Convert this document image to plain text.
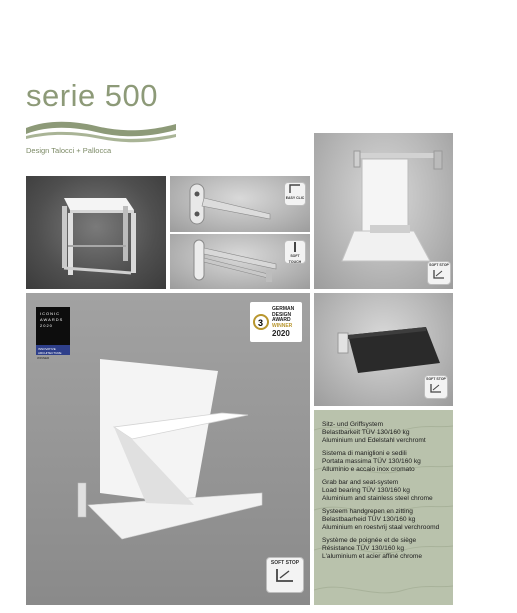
serie 500
Design Talocci + Pallocca
EASY CLIC
SOFT TOUCH
SOFT STOP
ICONIC
AWARDS
2020
INNOVATIVE ARCHITECTURE
WINNER
3
GERMAN
DESIGN
AWARD
WINNER
2020
SOFT STOP
SOFT STOP

Sitz- und Griffsystem

Belastbarkeit TÜV 130/160 kg

Aluminium und Edelstahl verchromt

Sistema di maniglioni e sedili

Portata massima TÜV 130/160 kg

Alluminio e accaio inox cromato

Grab bar and seat-system

Load bearing TÜV 130/160 kg

Aluminium and stainless steel chrome

Systeem handgrepen en zitting

Belastbaarheid TÜV 130/160 kg

Aluminium en roestvrij staal verchroomd

Système de poignée et de siège

Résistance TÜV 130/160 kg

L'aluminium et acier affiné chrome
